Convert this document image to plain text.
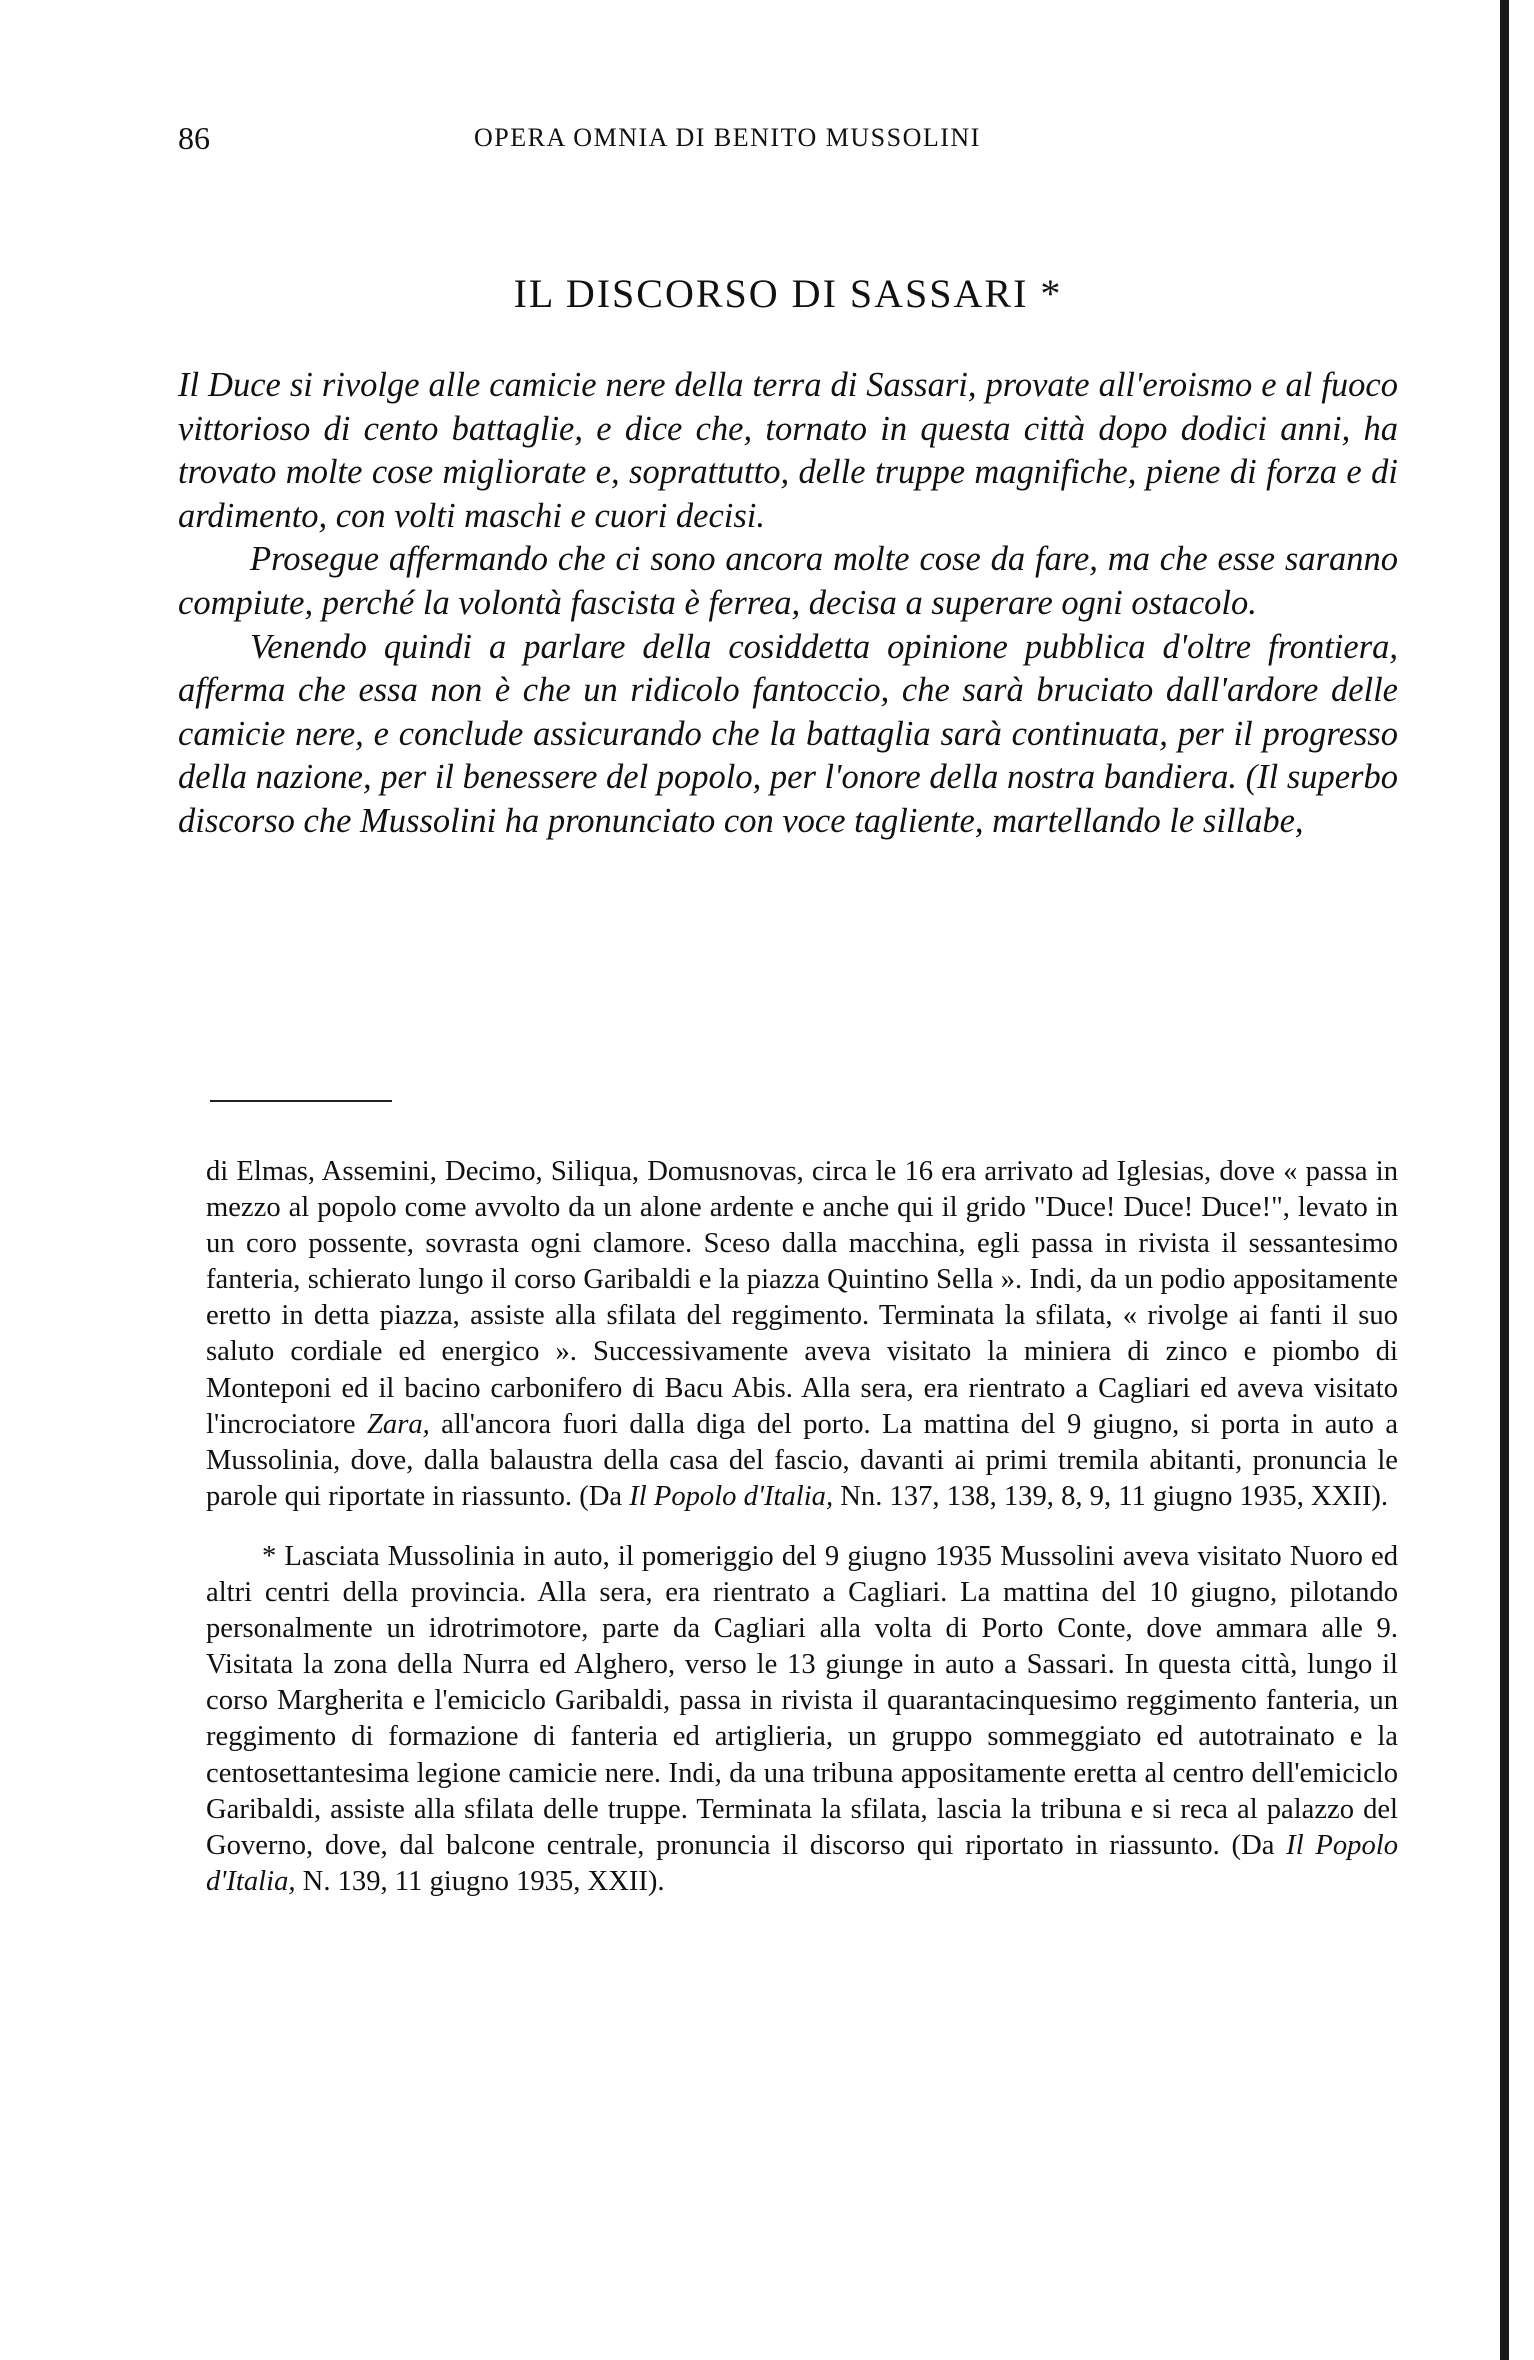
86	OPERA OMNIA DI BENITO MUSSOLINI
IL DISCORSO DI SASSARI *

Il Duce si rivolge alle camicie nere della terra di Sassari, provate all'eroismo e al fuoco vittorioso di cento battaglie, e dice che, tornato in questa città dopo dodici anni, ha trovato molte cose migliorate e, soprattutto, delle truppe magnifiche, piene di forza e di ardimento, con volti maschi e cuori decisi.

Prosegue affermando che ci sono ancora molte cose da fare, ma che esse saranno compiute, perché la volontà fascista è ferrea, decisa a superare ogni ostacolo.

Venendo quindi a parlare della cosiddetta opinione pubblica d'oltre frontiera, afferma che essa non è che un ridicolo fantoccio, che sarà bruciato dall'ardore delle camicie nere, e conclude assicurando che la battaglia sarà continuata, per il progresso della nazione, per il benessere del popolo, per l'onore della nostra bandiera. (Il superbo discorso che Mussolini ha pronunciato con voce tagliente, martellando le sillabe,

di Elmas, Assemini, Decimo, Siliqua, Domusnovas, circa le 16 era arrivato ad Iglesias, dove « passa in mezzo al popolo come avvolto da un alone ardente e anche qui il grido "Duce! Duce! Duce!", levato in un coro possente, sovrasta ogni clamore. Sceso dalla macchina, egli passa in rivista il sessantesimo fanteria, schierato lungo il corso Garibaldi e la piazza Quintino Sella ». Indi, da un podio appositamente eretto in detta piazza, assiste alla sfilata del reggimento. Terminata la sfilata, « rivolge ai fanti il suo saluto cordiale ed energico ». Successivamente aveva visitato la miniera di zinco e piombo di Monteponi ed il bacino carbonifero di Bacu Abis. Alla sera, era rientrato a Cagliari ed aveva visitato l'incrociatore Zara, all'ancora fuori dalla diga del porto. La mattina del 9 giugno, si porta in auto a Mussolinia, dove, dalla balaustra della casa del fascio, davanti ai primi tremila abitanti, pronuncia le parole qui riportate in riassunto. (Da Il Popolo d'Italia, Nn. 137, 138, 139, 8, 9, 11 giugno 1935, XXII).

* Lasciata Mussolinia in auto, il pomeriggio del 9 giugno 1935 Mussolini aveva visitato Nuoro ed altri centri della provincia. Alla sera, era rientrato a Cagliari. La mattina del 10 giugno, pilotando personalmente un idrotrimotore, parte da Cagliari alla volta di Porto Conte, dove ammara alle 9. Visitata la zona della Nurra ed Alghero, verso le 13 giunge in auto a Sassari. In questa città, lungo il corso Margherita e l'emiciclo Garibaldi, passa in rivista il quarantacinquesimo reggimento fanteria, un reggimento di formazione di fanteria ed artiglieria, un gruppo sommeggiato ed autotrainato e la centosettantesima legione camicie nere. Indi, da una tribuna appositamente eretta al centro dell'emiciclo Garibaldi, assiste alla sfilata delle truppe. Terminata la sfilata, lascia la tribuna e si reca al palazzo del Governo, dove, dal balcone centrale, pronuncia il discorso qui riportato in riassunto. (Da Il Popolo d'Italia, N. 139, 11 giugno 1935, XXII).
